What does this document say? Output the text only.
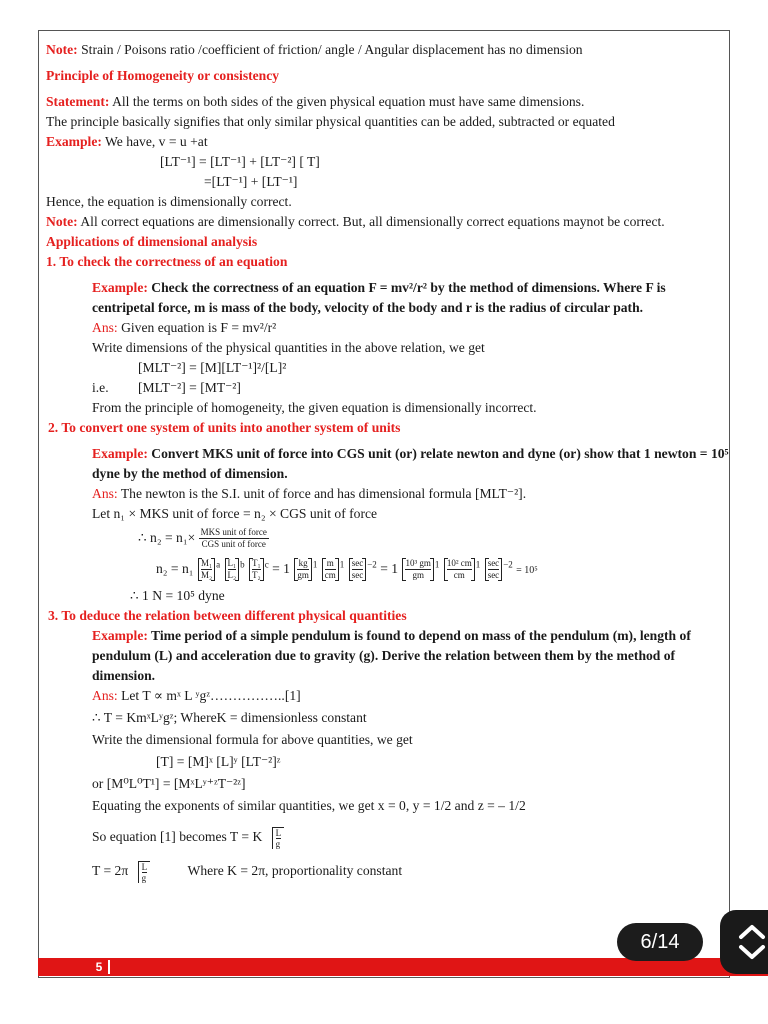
Note: Strain / Poisons ratio /coefficient of friction/ angle / Angular displacement has no dimension

Principle of Homogeneity or consistency

Statement: All the terms on both sides of the given physical equation must have same dimensions.

The principle basically signifies that only similar physical quantities can be added, subtracted or equated

Example: We have, v = u +at

[LT⁻¹] = [LT⁻¹] + [LT⁻²] [ T]

=[LT⁻¹] + [LT⁻¹]

Hence, the equation is dimensionally correct.

Note: All correct equations are dimensionally correct. But, all dimensionally correct equations maynot be correct.

Applications of dimensional analysis

1. To check the correctness of an equation

Example: Check the correctness of an equation F = mv²/r² by the method of dimensions. Where F is centripetal force, m is mass of the body, velocity of the body and r is the radius of circular path.

Ans: Given equation is F = mv²/r²

Write dimensions of the physical quantities in the above relation, we get

[MLT⁻²] = [M][LT⁻¹]²/[L]²

i.e. [MLT⁻²] = [MT⁻²]

From the principle of homogeneity, the given equation is dimensionally incorrect.

2. To convert one system of units into another system of units

Example: Convert MKS unit of force into CGS unit (or) relate newton and dyne (or) show that 1 newton = 10⁵ dyne by the method of dimension.

Ans: The newton is the S.I. unit of force and has dimensional formula [MLT⁻²].

Let n₁ × MKS unit of force = n₂ × CGS unit of force

∴ $n_2 = n_1\times \frac{\text{MKS unit of force}}{\text{CGS unit of force}}$

$n_2 = n_1 \frac{\text{M₁}}{\text{M₂}} ^a \frac{\text{L₁}}{\text{L₂}} ^b \frac{\text{T₁}}{\text{T₂}} ^c = 1 \frac{kg}{gm} ^1 \frac{m}{cm} ^1 \frac{\sec}{\sec} ^{-2} = 1 \frac{\text{10³ gm}}{gm} ^1 \frac{\text{10² cm}}{cm} ^1 \frac{\sec}{\sec} ^{-2} = 10^5$

∴ 1 N = 10⁵ dyne

3. To deduce the relation between different physical quantities

Example: Time period of a simple pendulum is found to depend on mass of the pendulum (m), length of pendulum (L) and acceleration due to gravity (g). Derive the relation between them by the method of dimension.

Ans: Let T ∝ mˣ L ʸgᶻ……………..[1]

∴ T = KmˣLʸgᶻ; WhereK = dimensionless constant

Write the dimensional formula for above quantities, we get

[T] = [M]ˣ [L]ʸ [LT⁻²]ᶻ

or [M⁰L⁰T¹] = [MˣLʸ⁺ᶻT⁻²ᶻ]

Equating the exponents of similar quantities, we get x = 0, y = 1/2 and z = – 1/2

So equation [1] becomes T = K $\frac{L}{g}$

$T = 2\pi \frac{L}{g}$	Where K = 2π, proportionality constant

5
6/14
